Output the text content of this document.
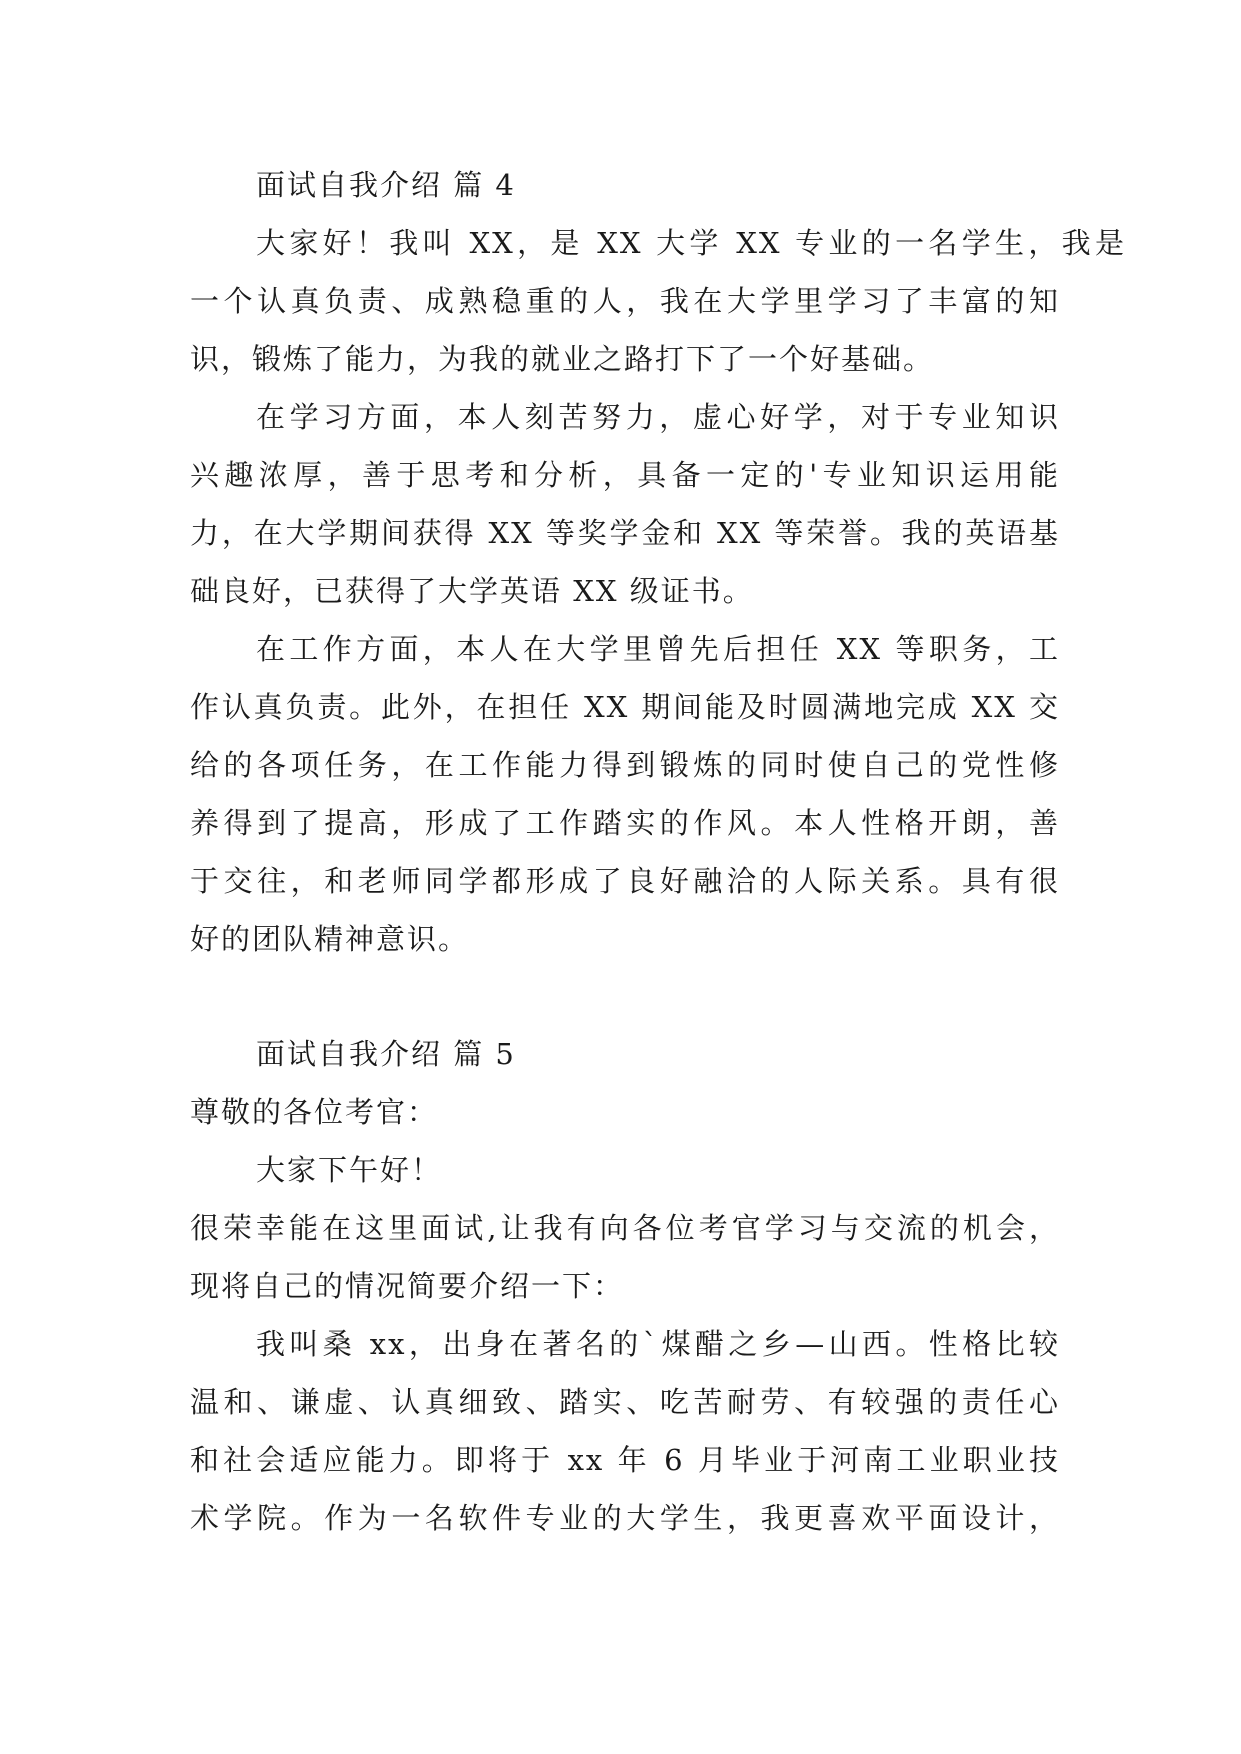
面试自我介绍 篇 4
大家好！我叫 XX，是 XX 大学 XX 专业的一名学生，我是
一个认真负责、成熟稳重的人，我在大学里学习了丰富的知
识，锻炼了能力，为我的就业之路打下了一个好基础。
在学习方面，本人刻苦努力，虚心好学，对于专业知识
兴趣浓厚，善于思考和分析，具备一定的'专业知识运用能
力，在大学期间获得 XX 等奖学金和 XX 等荣誉。我的英语基
础良好，已获得了大学英语 XX 级证书。
在工作方面，本人在大学里曾先后担任 XX 等职务，工
作认真负责。此外，在担任 XX 期间能及时圆满地完成 XX 交
给的各项任务，在工作能力得到锻炼的同时使自己的党性修
养得到了提高，形成了工作踏实的作风。本人性格开朗，善
于交往，和老师同学都形成了良好融洽的人际关系。具有很
好的团队精神意识。
面试自我介绍 篇 5
尊敬的各位考官：
大家下午好！
很荣幸能在这里面试,让我有向各位考官学习与交流的机会，
现将自己的情况简要介绍一下：
我叫桑 xx，出身在著名的`煤醋之乡—山西。性格比较
温和、谦虚、认真细致、踏实、吃苦耐劳、有较强的责任心
和社会适应能力。即将于 xx 年 6 月毕业于河南工业职业技
术学院。作为一名软件专业的大学生，我更喜欢平面设计，
